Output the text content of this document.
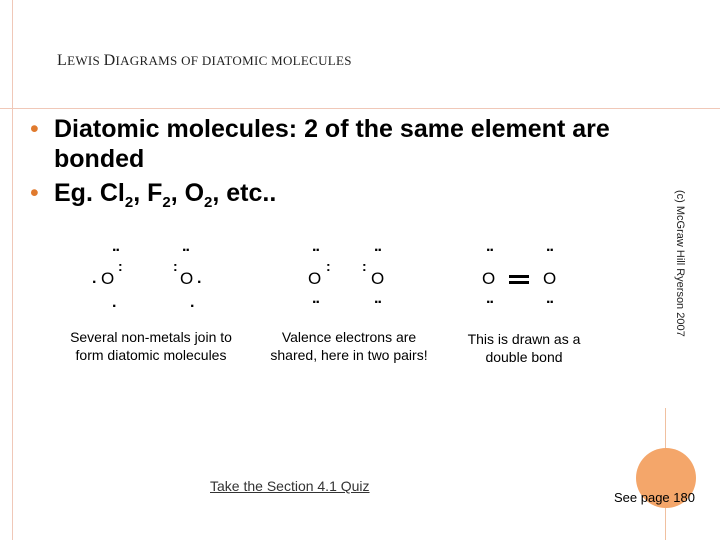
LEWIS DIAGRAMS OF DIATOMIC MOLECULES
• Diatomic molecules: 2 of the same element are bonded
• Eg. $Cl_2$, $F_2$, $O_2$, etc..	(c) McGraw Hill Ryerson 2007
..
. O
:
.
..
:
O .
.
..
O
:
..
..
:
O
..
..
O
..
..
O
..
Several non-metals join to form diatomic molecules
Valence electrons are shared, here in two pairs!
This is drawn as a double bond
Take the Section 4.1 Quiz
See page 180
